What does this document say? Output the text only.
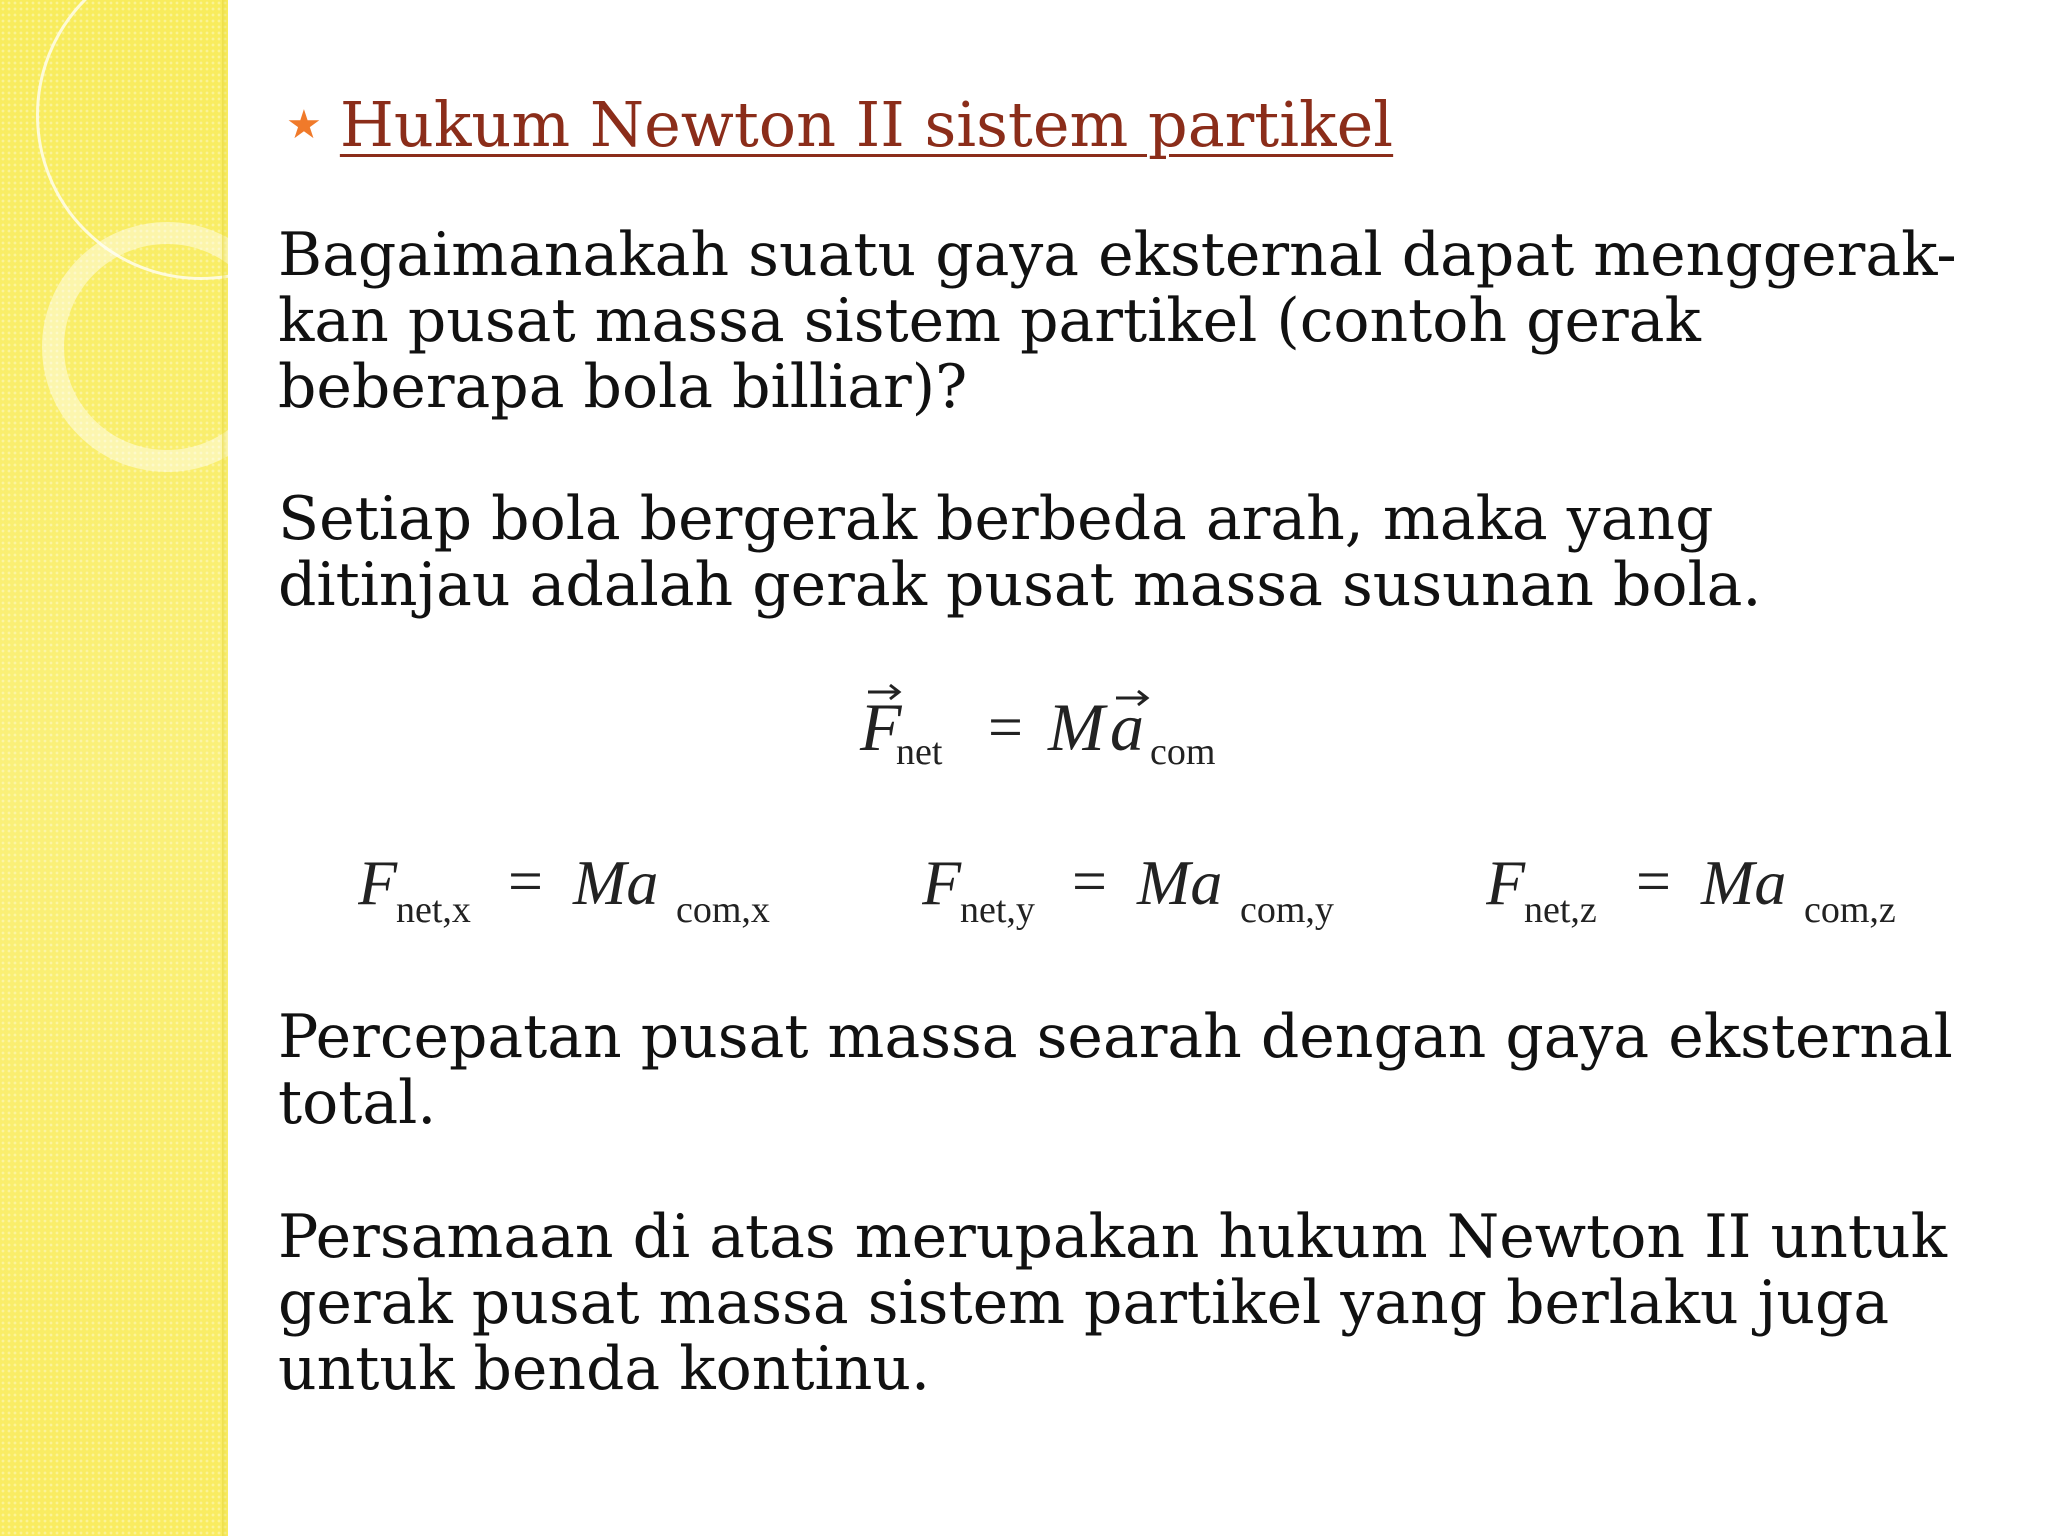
★ Hukum Newton II sistem partikel
Bagaimanakah suatu gaya eksternal dapat menggerak-
kan pusat massa sistem partikel (contoh gerak
beberapa bola billiar)?
Setiap bola bergerak berbeda arah, maka yang
ditinjau adalah gerak pusat massa susunan bola.
F
net = M a com
F
net,x = Ma com,x F
net,y = Ma com,y F
net,z = Ma com,z
Percepatan pusat massa searah dengan gaya eksternal
total.
Persamaan di atas merupakan hukum Newton II untuk
gerak pusat massa sistem partikel yang berlaku juga
untuk benda kontinu.
